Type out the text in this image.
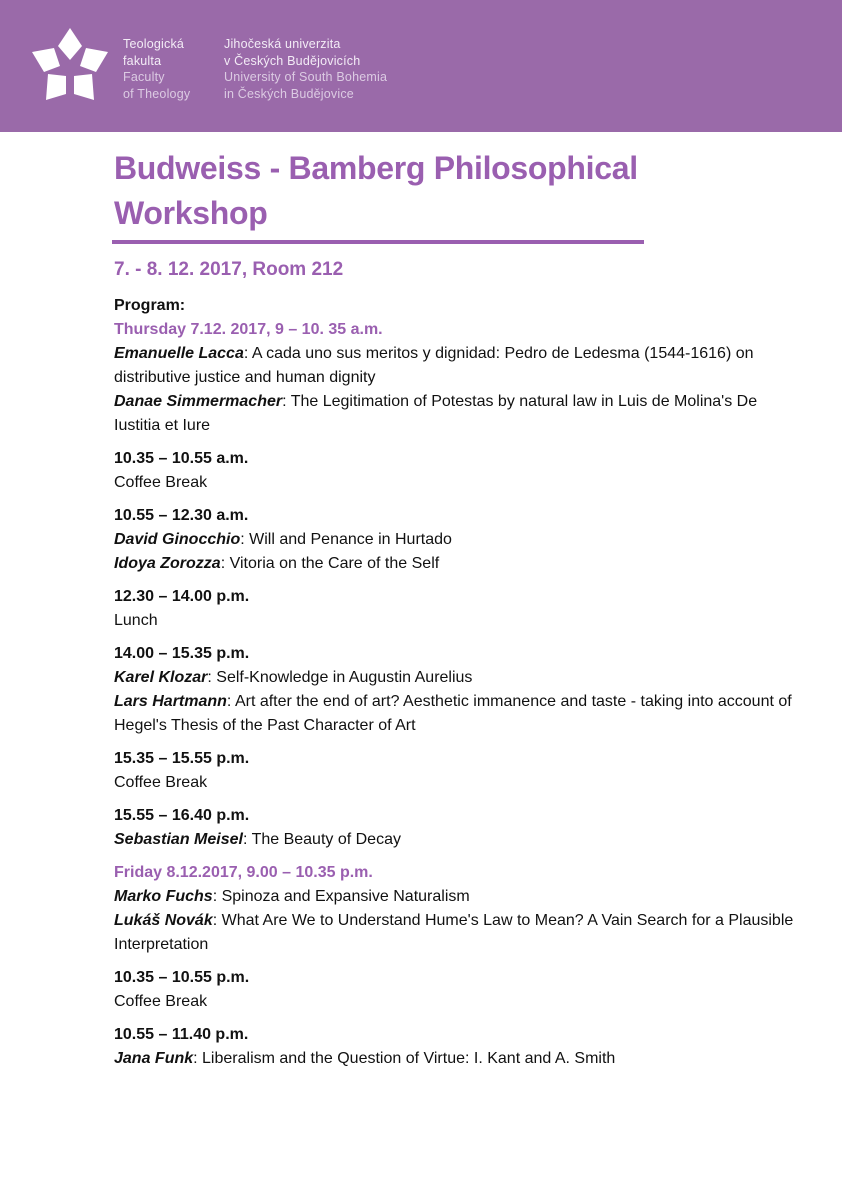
Teologická
fakulta
Faculty
of Theology
Jihočeská univerzita
v Českých Budějovicích
University of South Bohemia
in Českých Budějovice
Budweiss - Bamberg Philosophical Workshop
7. - 8. 12. 2017, Room 212

Program:

Thursday 7.12. 2017, 9 – 10. 35 a.m.

Emanuelle Lacca: A cada uno sus meritos y dignidad: Pedro de Ledesma (1544-1616) on distributive justice and human dignity

Danae Simmermacher: The Legitimation of Potestas by natural law in Luis de Molina's De Iustitia et Iure

10.35 – 10.55 a.m.

Coffee Break

10.55 – 12.30 a.m.

David Ginocchio: Will and Penance in Hurtado

Idoya Zorozza: Vitoria on the Care of the Self

12.30 – 14.00 p.m.

Lunch

14.00 – 15.35 p.m.

Karel Klozar: Self-Knowledge in Augustin Aurelius

Lars Hartmann: Art after the end of art? Aesthetic immanence and taste - taking into account of Hegel's Thesis of the Past Character of Art

15.35 – 15.55 p.m.

Coffee Break

15.55 – 16.40 p.m.

Sebastian Meisel: The Beauty of Decay

Friday 8.12.2017, 9.00 – 10.35 p.m.

Marko Fuchs: Spinoza and Expansive Naturalism

Lukáš Novák: What Are We to Understand Hume's Law to Mean? A Vain Search for a Plausible Interpretation

10.35 – 10.55 p.m.

Coffee Break

10.55 – 11.40 p.m.

Jana Funk: Liberalism and the Question of Virtue: I. Kant and A. Smith
